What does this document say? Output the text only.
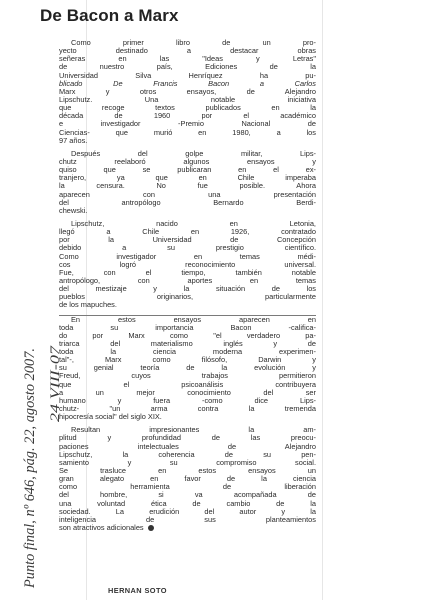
De Bacon a Marx
Como primer libro de un pro-
yecto destinado a destacar obras
señeras en las "Ideas y Letras"
de nuestro país, Ediciones de la
Universidad Silva Henríquez ha pu-
blicado De Francis Bacon a Carlos
Marx y otros ensayos, de Alejandro
Lipschutz. Una notable iniciativa
que recoge textos publicados en la
década de 1960 por el académico
e investigador -Premio Nacional de
Ciencias- que murió en 1980, a los
97 años.
Después del golpe militar, Lips-
chutz reelaboró algunos ensayos y
quiso que se publicaran en el ex-
tranjero, ya que en Chile imperaba
la censura. No fue posible. Ahora
aparecen con una presentación
del antropólogo Bernardo Berdi-
chewski.
Lipschutz, nacido en Letonia,
llegó a Chile en 1926, contratado
por la Universidad de Concepción
debido a su prestigio científico.
Como investigador en temas médi-
cos logró reconocimiento universal.
Fue, con el tiempo, también notable
antropólogo, con aportes en temas
del mestizaje y la situación de los
pueblos originarios, particularmente
de los mapuches.
En estos ensayos aparecen en
toda su importancia Bacon -califica-
do por Marx como "el verdadero pa-
triarca del materialismo inglés y de
toda la ciencia moderna experimen-
tal"-, Marx como filósofo, Darwin y
su genial teoría de la evolución y
Freud, cuyos trabajos permitieron
que el psicoanálisis contribuyera
a un mejor conocimiento del ser
humano y fuera -como dice Lips-
chutz- "un arma contra la tremenda
hipocresía social" del siglo XIX.
Resultan impresionantes la am-
plitud y profundidad de las preocu-
paciones intelectuales de Alejandro
Lipschutz, la coherencia de su pen-
samiento y su compromiso social.
Se trasluce en estos ensayos un
gran alegato en favor de la ciencia
como herramienta de liberación
del hombre, si va acompañada de
una voluntad ética de cambio de la
sociedad. La erudición del autor y la
inteligencia de sus planteamientos
son atractivos adicionales
HERNAN SOTO
Punto final, nº 646, pág. 22, agosto 2007. 24 VIII-07
